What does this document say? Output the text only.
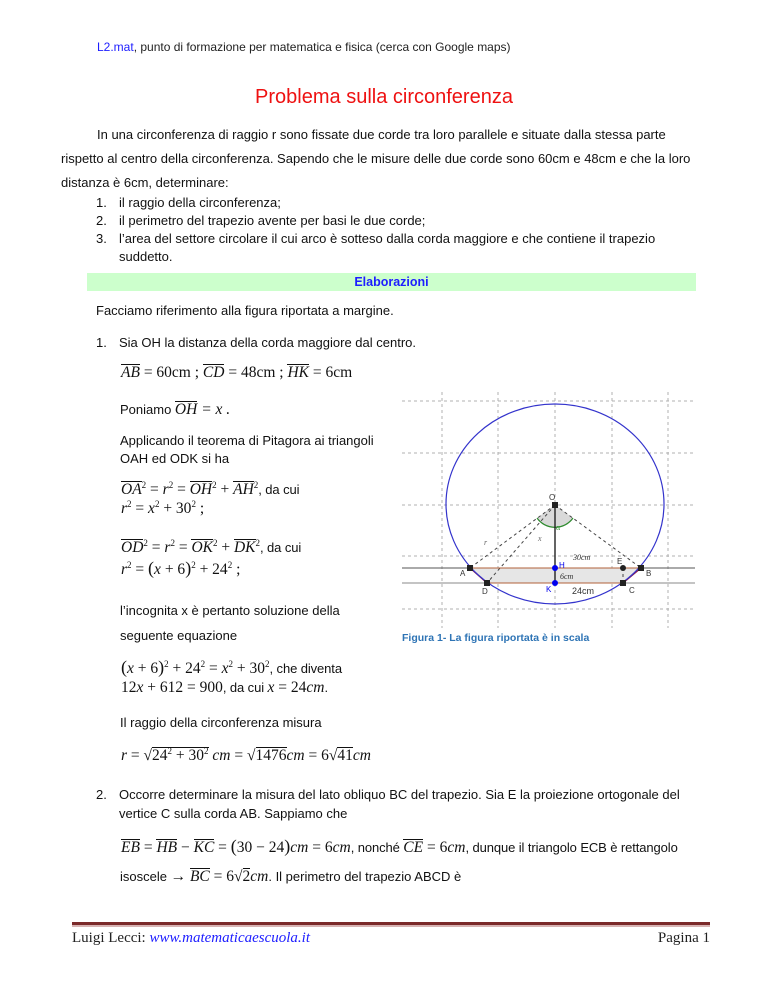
L2.mat, punto di formazione per matematica e fisica (cerca con Google maps)
Problema sulla circonferenza
In una circonferenza di raggio r sono fissate due corde tra loro parallele e situate dalla stessa parte rispetto al centro della circonferenza. Sapendo che le misure delle due corde sono 60cm e 48cm e che la loro distanza è 6cm, determinare:
1. il raggio della circonferenza;
2. il perimetro del trapezio avente per basi le due corde;
3. l’area del settore circolare il cui arco è sotteso dalla corda maggiore e che contiene il trapezio
suddetto.
Elaborazioni
Facciamo riferimento alla figura riportata a margine.
1. Sia OH la distanza della corda maggiore dal centro.
AB = 60cm ; CD = 48cm ; HK = 6cm
Poniamo OH = x .
Applicando il teorema di Pitagora ai triangoli
OAH ed ODK si ha
$OA^2 = r^2 = OH^2 + AH^2$, da cui
$r^2 = x^2 + 30^2$ ;
$OD^2 = r^2 = OK^2 + DK^2$, da cui
$r^2 = (x + 6)^2 + 24^2$ ;
l’incognita x è pertanto soluzione della
seguente equazione
$(x + 6)^2 + 24^2 = x^2 + 30^2$, che diventa
12x + 612 = 900, da cui x = 24cm.
Il raggio della circonferenza misura
$r = √24^2 + 30^2$ cm = √1476cm = 6√41cm
2. Occorre determinare la misura del lato obliquo BC del trapezio. Sia E la proiezione ortogonale del
vertice C sulla corda AB. Sappiamo che
EB = HB − KC = (30 − 24)cm = 6cm, nonché CE = 6cm, dunque il triangolo ECB è rettangolo
isoscele → BC = 6√2cm. Il perimetro del trapezio ABCD è
O
A	B
C
D
E
H
K 24cm
r	x
30cm
6cm
α
Figura 1- La figura riportata è in scala
Luigi Lecci: www.matematicaescuola.it	Pagina 1
